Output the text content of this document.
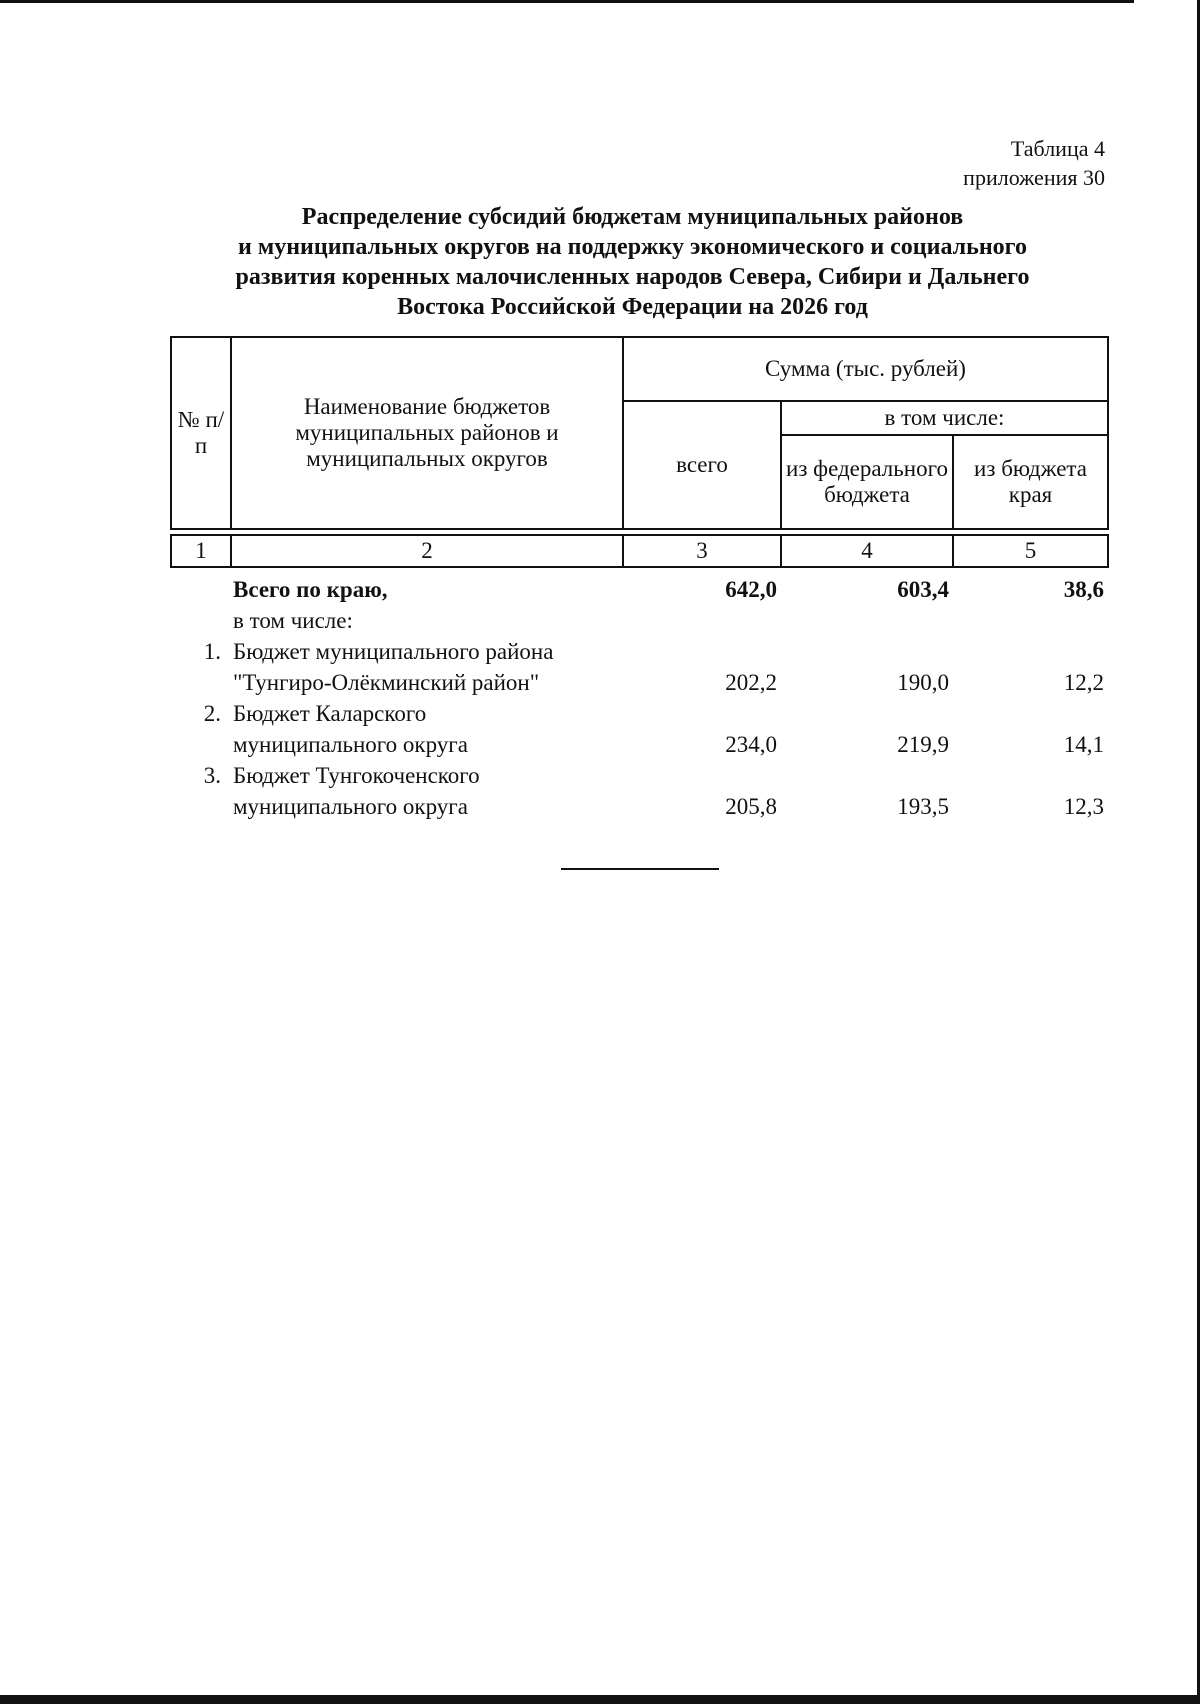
Таблица 4
приложения 30
Распределение субсидий бюджетам муниципальных районов
и муниципальных округов на поддержку экономического и социального
развития коренных малочисленных народов Севера, Сибири и Дальнего
Востока Российской Федерации на 2026 год
№ п/п	Наименование бюджетов муниципальных районов и муниципальных округов	Сумма (тыс. рублей)		
		всего	в том числе:	
			из федерального бюджета	из бюджета края

1	2	3	4	5
	Всего по краю,	642,0	603,4	38,6
	в том числе:			
1.	Бюджет муниципального района			
	"Тунгиро-Олёкминский район"	202,2	190,0	12,2
2.	Бюджет Каларского			
	муниципального округа	234,0	219,9	14,1
3.	Бюджет Тунгокоченского			
	муниципального округа	205,8	193,5	12,3
